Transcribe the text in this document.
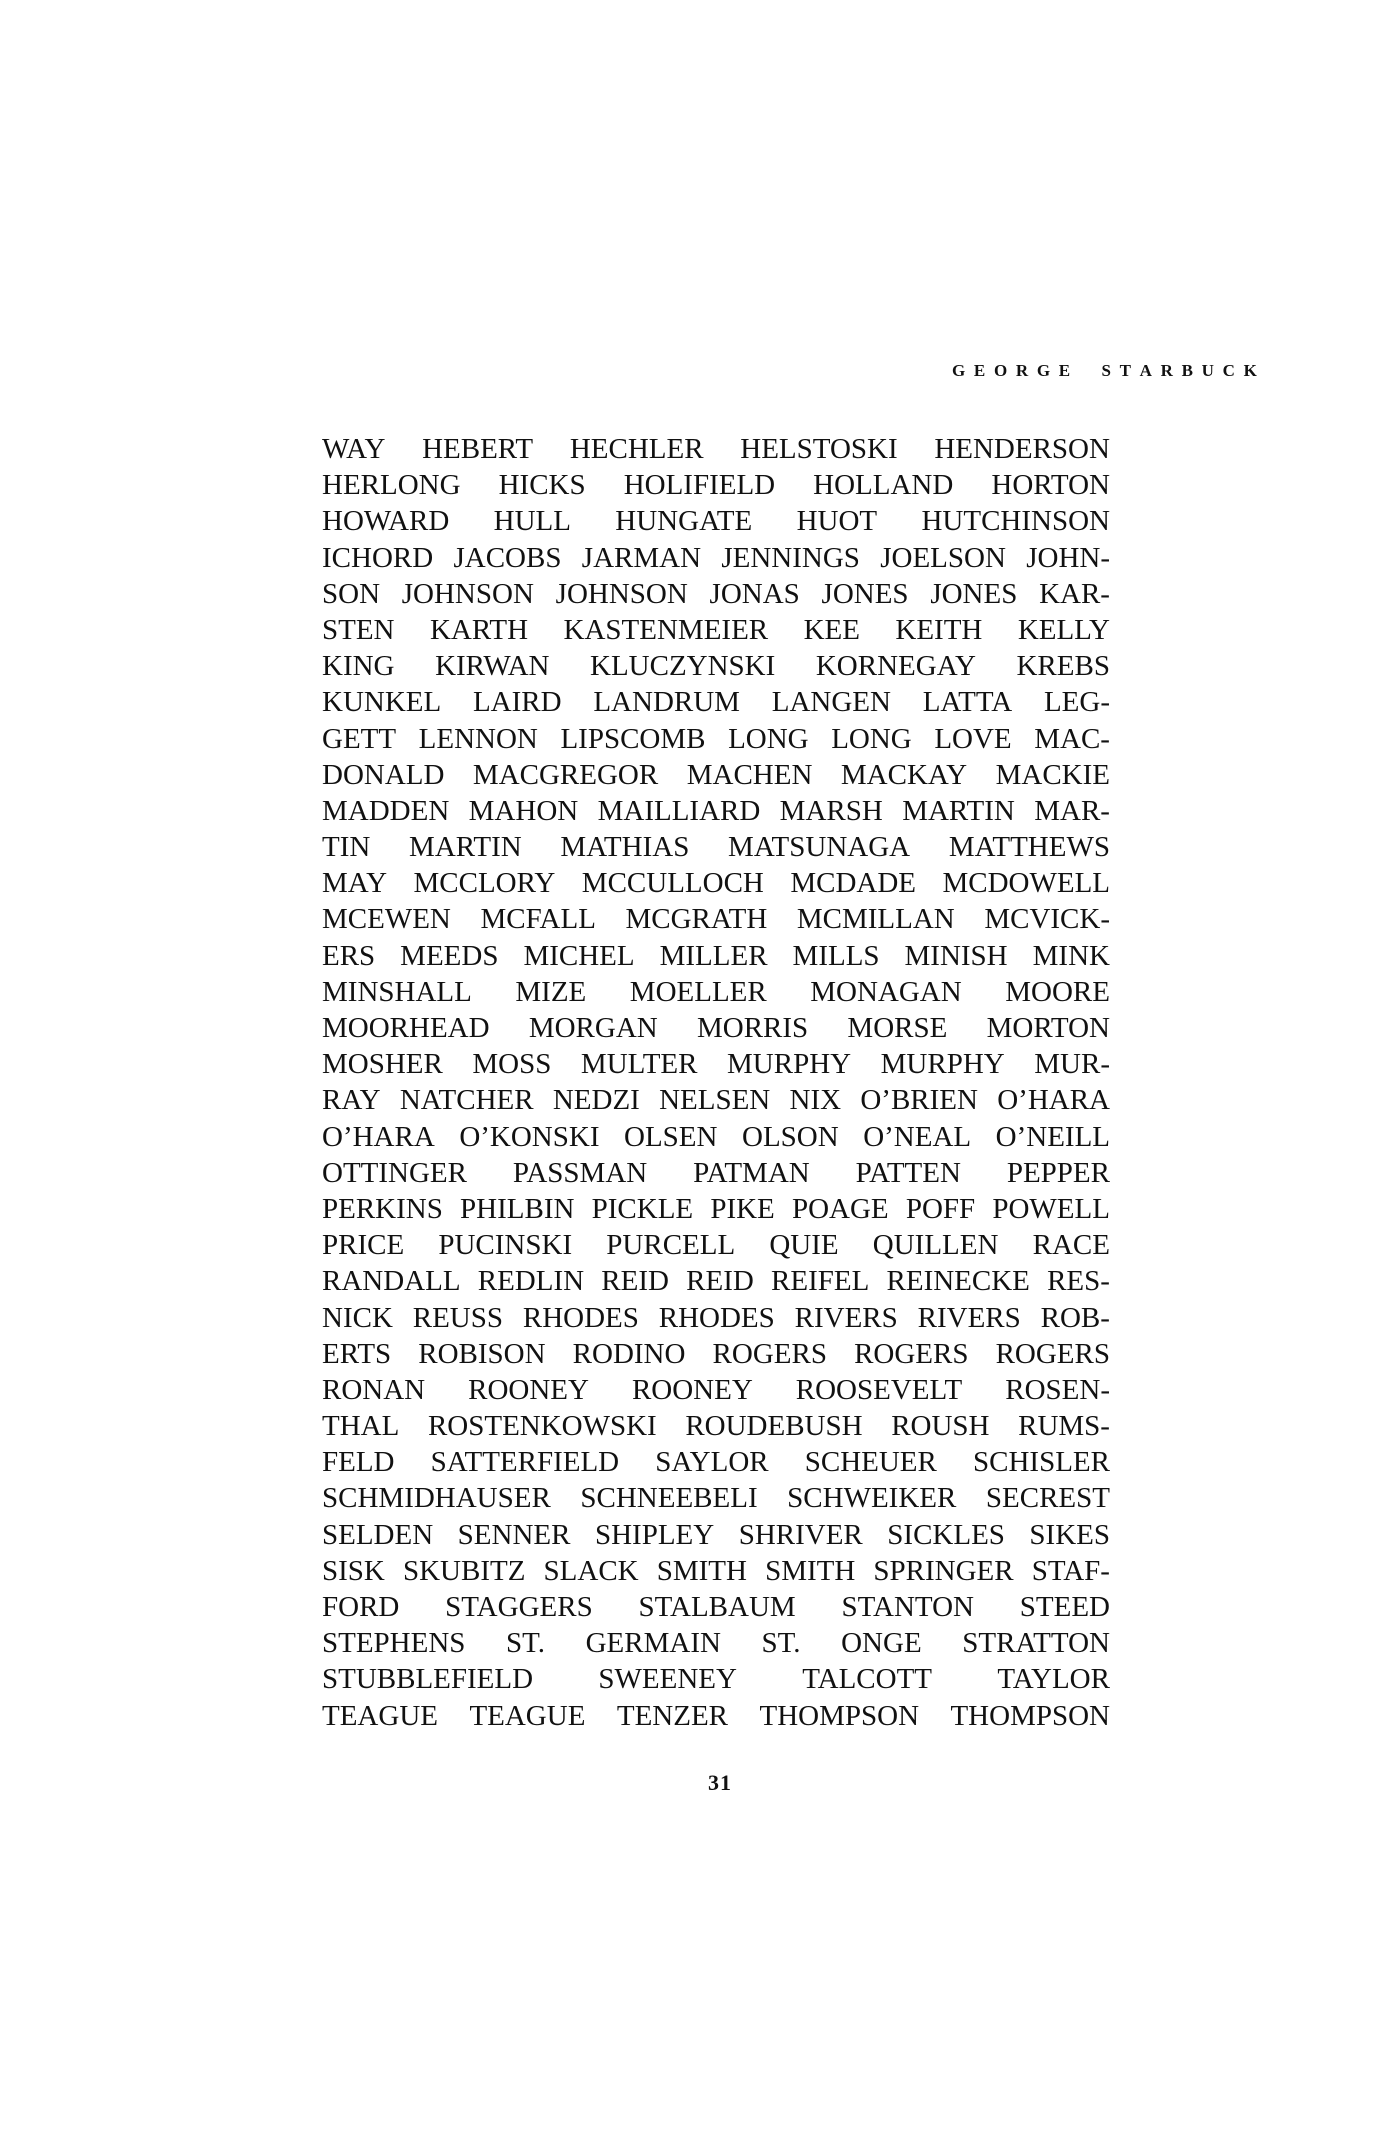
G E O R G E S T A R B U C K
WAY HEBERT HECHLER HELSTOSKI HENDERSON
HERLONG HICKS HOLIFIELD HOLLAND HORTON
HOWARD HULL HUNGATE HUOT HUTCHINSON
ICHORD JACOBS JARMAN JENNINGS JOELSON JOHN-
SON JOHNSON JOHNSON JONAS JONES JONES KAR-
STEN KARTH KASTENMEIER KEE KEITH KELLY
KING KIRWAN KLUCZYNSKI KORNEGAY KREBS
KUNKEL LAIRD LANDRUM LANGEN LATTA LEG-
GETT LENNON LIPSCOMB LONG LONG LOVE MAC-
DONALD MACGREGOR MACHEN MACKAY MACKIE
MADDEN MAHON MAILLIARD MARSH MARTIN MAR-
TIN MARTIN MATHIAS MATSUNAGA MATTHEWS
MAY MCCLORY MCCULLOCH MCDADE MCDOWELL
MCEWEN MCFALL MCGRATH MCMILLAN MCVICK-
ERS MEEDS MICHEL MILLER MILLS MINISH MINK
MINSHALL MIZE MOELLER MONAGAN MOORE
MOORHEAD MORGAN MORRIS MORSE MORTON
MOSHER MOSS MULTER MURPHY MURPHY MUR-
RAY NATCHER NEDZI NELSEN NIX O’BRIEN O’HARA
O’HARA O’KONSKI OLSEN OLSON O’NEAL O’NEILL
OTTINGER PASSMAN PATMAN PATTEN PEPPER
PERKINS PHILBIN PICKLE PIKE POAGE POFF POWELL
PRICE PUCINSKI PURCELL QUIE QUILLEN RACE
RANDALL REDLIN REID REID REIFEL REINECKE RES-
NICK REUSS RHODES RHODES RIVERS RIVERS ROB-
ERTS ROBISON RODINO ROGERS ROGERS ROGERS
RONAN ROONEY ROONEY ROOSEVELT ROSEN-
THAL ROSTENKOWSKI ROUDEBUSH ROUSH RUMS-
FELD SATTERFIELD SAYLOR SCHEUER SCHISLER
SCHMIDHAUSER SCHNEEBELI SCHWEIKER SECREST
SELDEN SENNER SHIPLEY SHRIVER SICKLES SIKES
SISK SKUBITZ SLACK SMITH SMITH SPRINGER STAF-
FORD STAGGERS STALBAUM STANTON STEED
STEPHENS ST. GERMAIN ST. ONGE STRATTON
STUBBLEFIELD SWEENEY TALCOTT TAYLOR
TEAGUE TEAGUE TENZER THOMPSON THOMPSON
31
